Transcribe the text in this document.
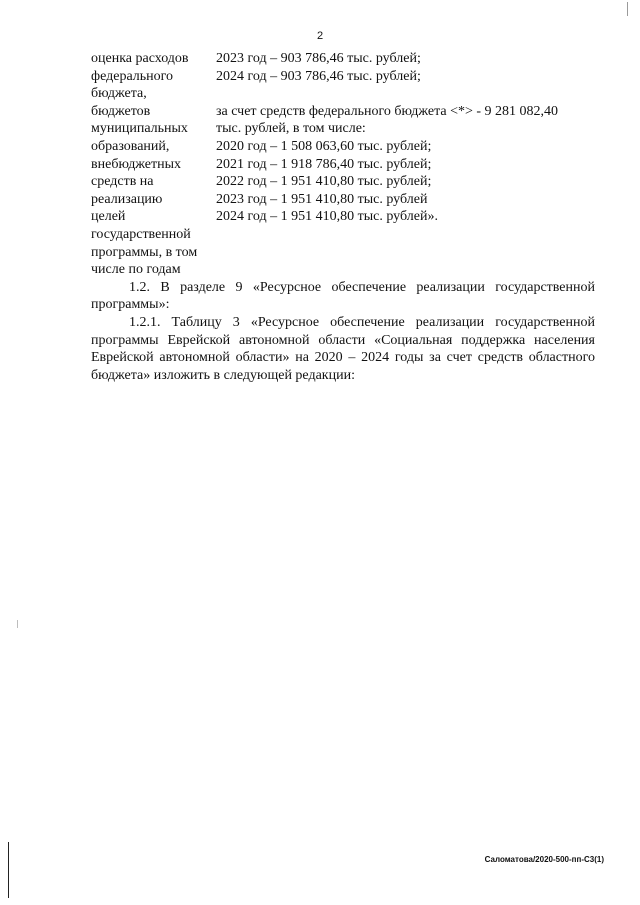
2
оценка расходов
федерального
бюджета,
бюджетов
муниципальных
образований,
внебюджетных
средств на
реализацию
целей
государственной
программы, в том
числе по годам
2023 год – 903 786,46 тыс. рублей;
2024 год – 903 786,46 тыс. рублей;
за счет средств федерального бюджета <*> - 9 281 082,40
тыс. рублей, в том числе:
2020 год – 1 508 063,60 тыс. рублей;
2021 год – 1 918 786,40 тыс. рублей;
2022 год – 1 951 410,80 тыс. рублей;
2023 год – 1 951 410,80 тыс. рублей
2024 год – 1 951 410,80 тыс. рублей».
1.2. В разделе 9 «Ресурсное обеспечение реализации государственной программы»:
1.2.1. Таблицу 3 «Ресурсное обеспечение реализации государственной программы Еврейской автономной области «Социальная поддержка населения Еврейской автономной области» на 2020 – 2024 годы за счет средств областного бюджета» изложить в следующей редакции:
Саломатова/2020-500-пп-С3(1)
